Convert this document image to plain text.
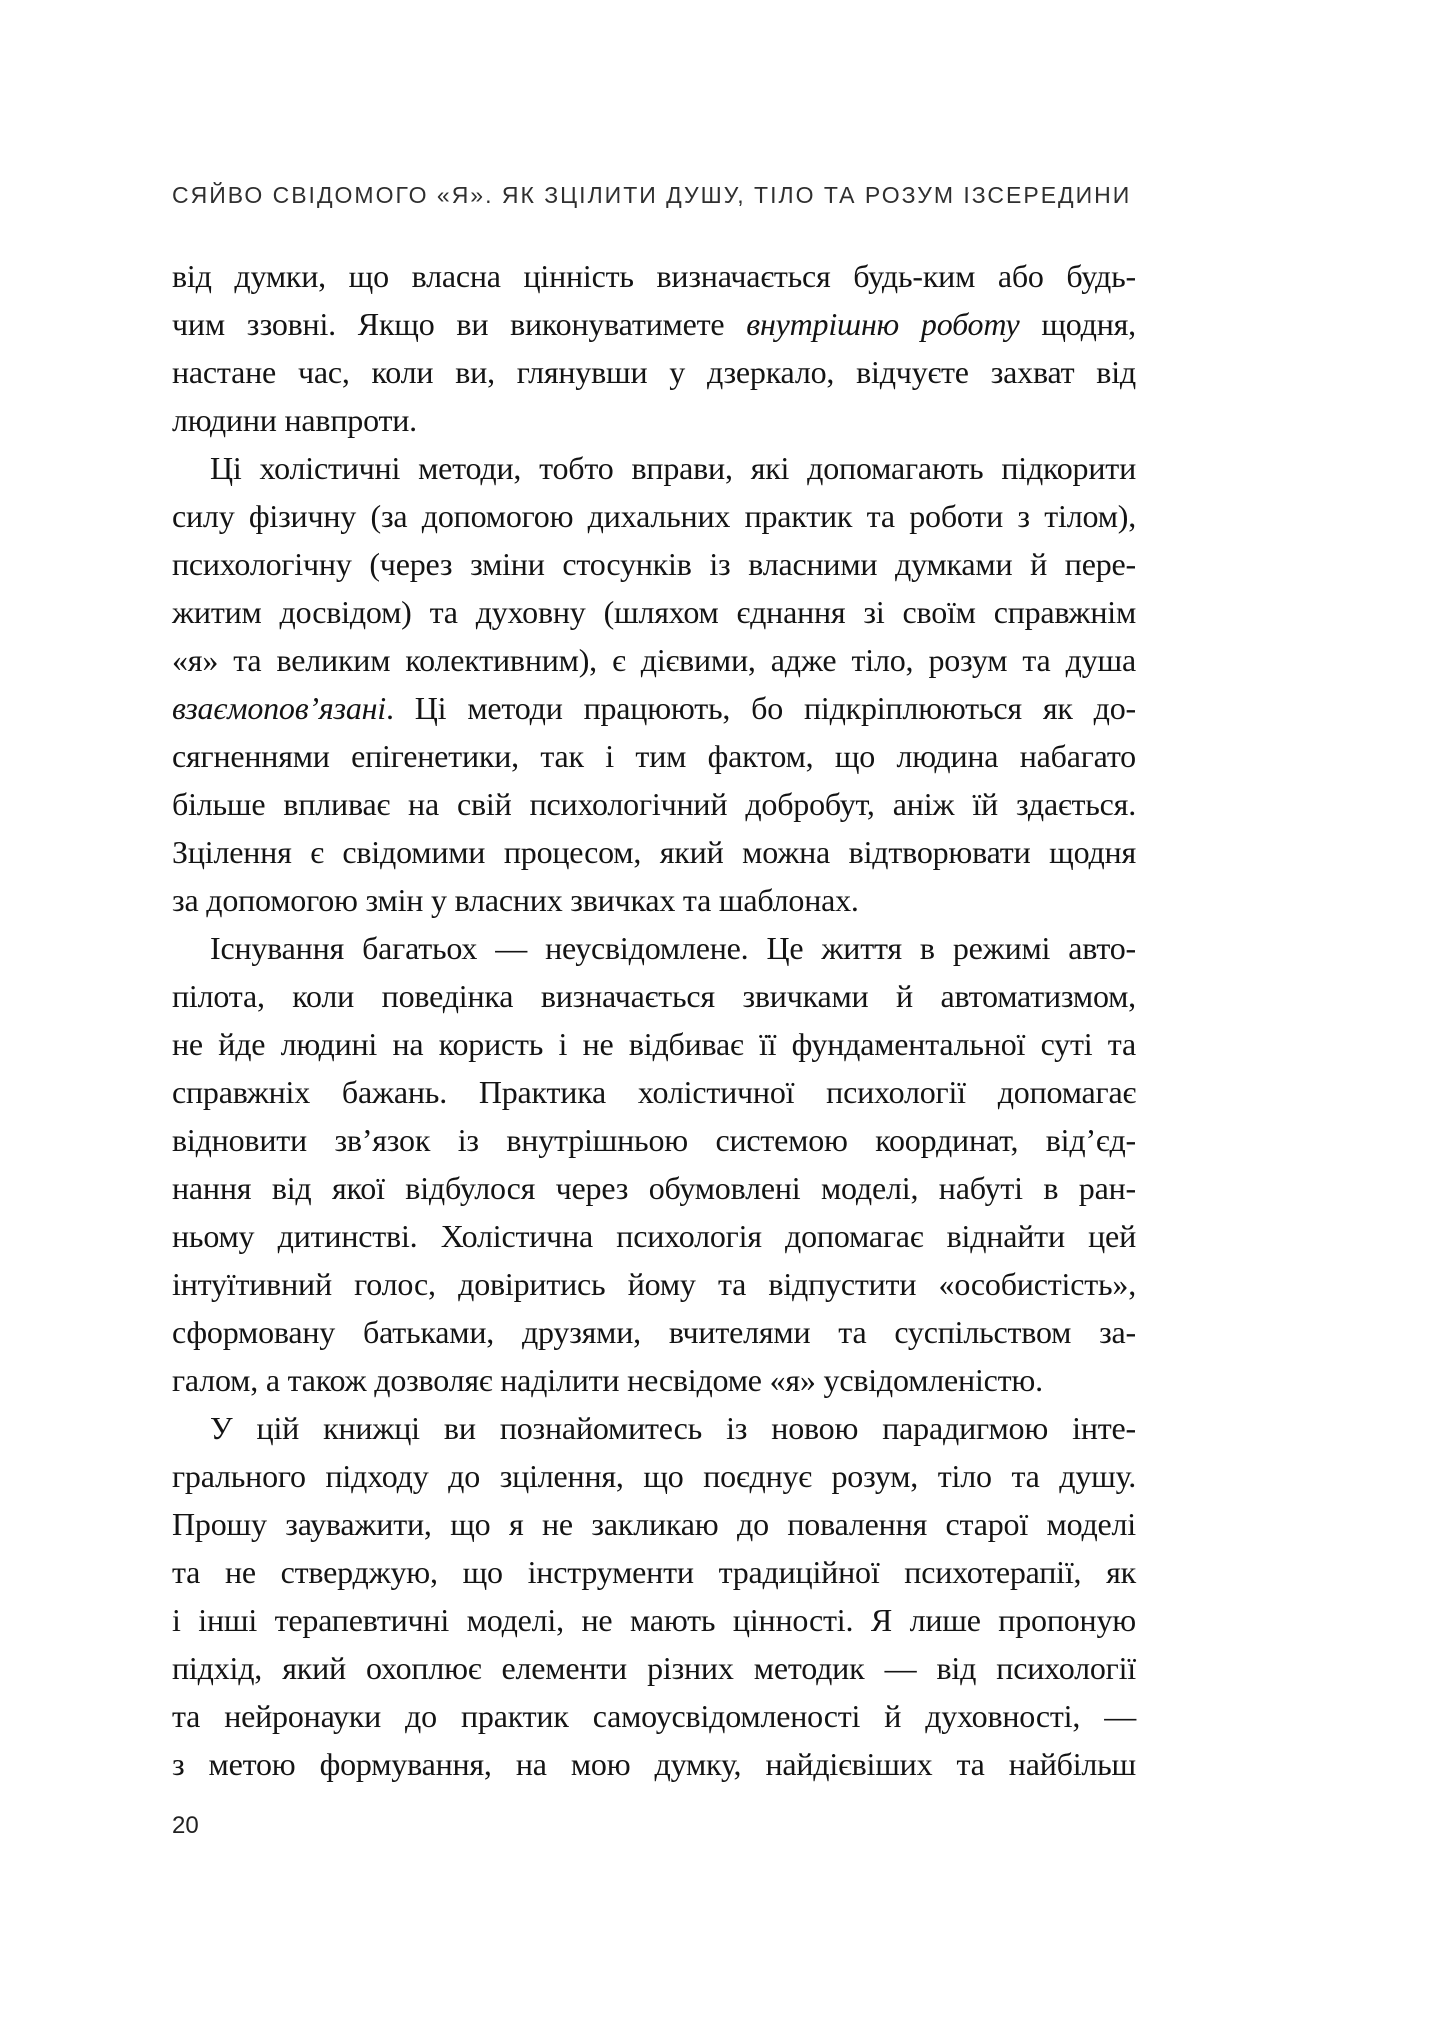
СЯЙВО СВІДОМОГО «Я». ЯК ЗЦІЛИТИ ДУШУ, ТІЛО ТА РОЗУМ ІЗСЕРЕДИНИ
від думки, що власна цінність визначається будь-ким або будь-
чим ззовні. Якщо ви виконуватимете внутрішню роботу щодня,
настане час, коли ви, глянувши у дзеркало, відчуєте захват від
людини навпроти.
Ці холістичні методи, тобто вправи, які допомагають підкорити
силу фізичну (за допомогою дихальних практик та роботи з тілом),
психологічну (через зміни стосунків із власними думками й пере-
житим досвідом) та духовну (шляхом єднання зі своїм справжнім
«я» та великим колективним), є дієвими, адже тіло, розум та душа
взаємопов’язані. Ці методи працюють, бо підкріплюються як до-
сягненнями епігенетики, так і тим фактом, що людина набагато
більше впливає на свій психологічний добробут, аніж їй здається.
Зцілення є свідомими процесом, який можна відтворювати щодня
за допомогою змін у власних звичках та шаблонах.
Існування багатьох — неусвідомлене. Це життя в режимі авто-
пілота, коли поведінка визначається звичками й автоматизмом,
не йде людині на користь і не відбиває її фундаментальної суті та
справжніх бажань. Практика холістичної психології допомагає
відновити зв’язок із внутрішньою системою координат, від’єд-
нання від якої відбулося через обумовлені моделі, набуті в ран-
ньому дитинстві. Холістична психологія допомагає віднайти цей
інтуїтивний голос, довіритись йому та відпустити «особистість»,
сформовану батьками, друзями, вчителями та суспільством за-
галом, а також дозволяє наділити несвідоме «я» усвідомленістю.
У цій книжці ви познайомитесь із новою парадигмою інте-
грального підходу до зцілення, що поєднує розум, тіло та душу.
Прошу зауважити, що я не закликаю до повалення старої моделі
та не стверджую, що інструменти традиційної психотерапії, як
і інші терапевтичні моделі, не мають цінності. Я лише пропоную
підхід, який охоплює елементи різних методик — від психології
та нейронауки до практик самоусвідомленості й духовності, —
з метою формування, на мою думку, найдієвіших та найбільш
20
